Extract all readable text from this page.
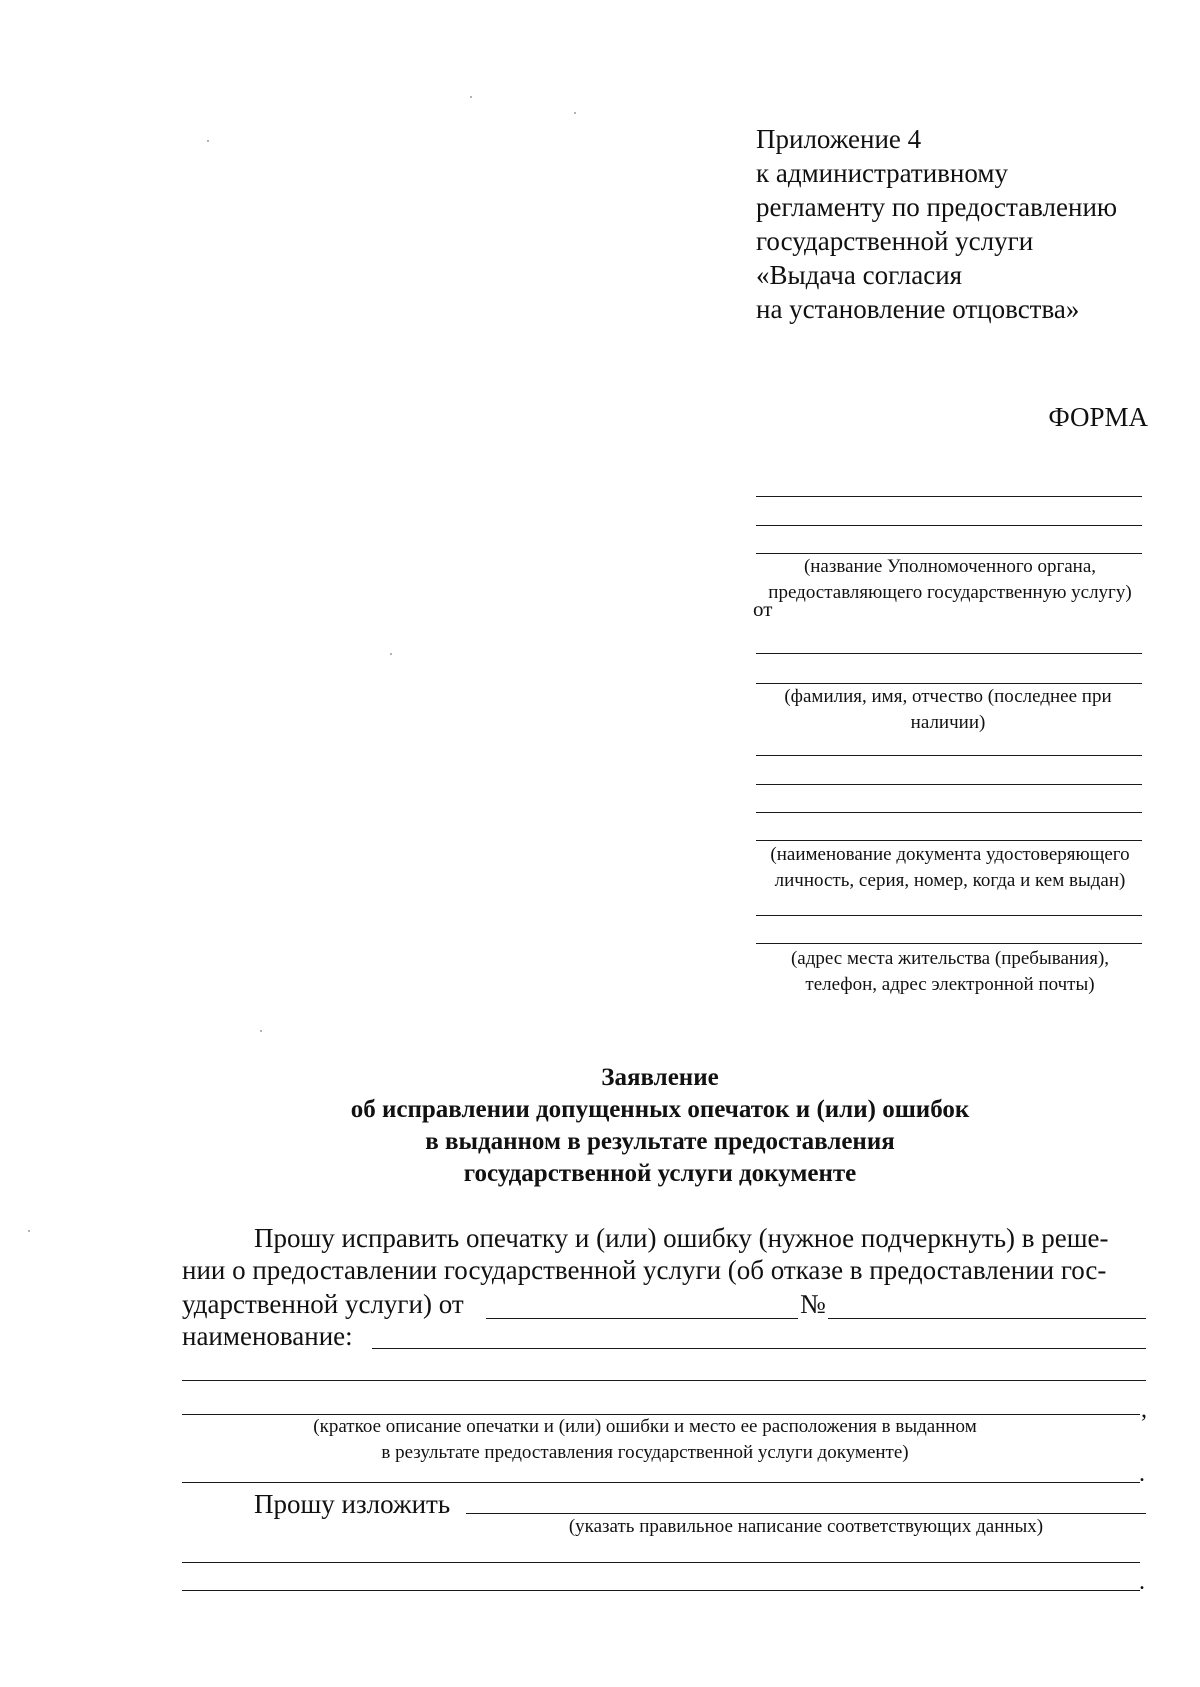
Приложение 4
к административному
регламенту по предоставлению
государственной услуги
«Выдача согласия
на установление отцовства»
ФОРМА
(название Уполномоченного органа,
предоставляющего государственную услугу)
от
(фамилия, имя, отчество (последнее при
наличии)
(наименование документа удостоверяющего
личность, серия, номер, когда и кем выдан)
(адрес места жительства (пребывания),
телефон, адрес электронной почты)
Заявление
об исправлении допущенных опечаток и (или) ошибок
в выданном в результате предоставления
государственной услуги документе
Прошу исправить опечатку и (или) ошибку (нужное подчеркнуть) в реше-
нии о предоставлении государственной услуги (об отказе в предоставлении гос-
ударственной услуги) от	№
наименование:
,
(краткое описание опечатки и (или) ошибки и место ее расположения в выданном
в результате предоставления государственной услуги документе)
.
Прошу изложить
(указать правильное написание соответствующих данных)
.
